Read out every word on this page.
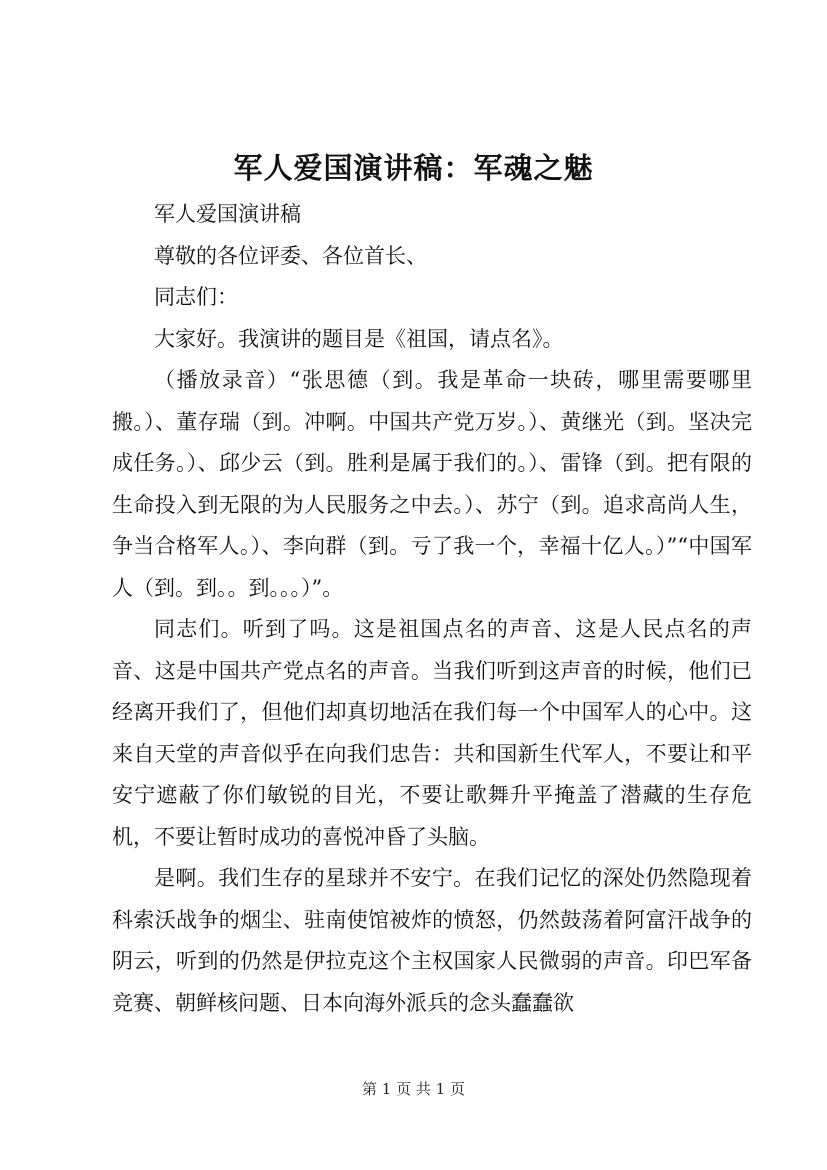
军人爱国演讲稿：军魂之魅

军人爱国演讲稿

尊敬的各位评委、各位首长、

同志们：

大家好。我演讲的题目是《祖国，请点名》。

（播放录音）“张思德（到。我是革命一块砖，哪里需要哪里搬。）、董存瑞（到。冲啊。中国共产党万岁。）、黄继光（到。坚决完成任务。）、邱少云（到。胜利是属于我们的。）、雷锋（到。把有限的生命投入到无限的为人民服务之中去。）、苏宁（到。追求高尚人生，争当合格军人。）、李向群（到。亏了我一个，幸福十亿人。）”“中国军人（到。到。。到。。。）”。

同志们。听到了吗。这是祖国点名的声音、这是人民点名的声音、这是中国共产党点名的声音。当我们听到这声音的时候，他们已经离开我们了，但他们却真切地活在我们每一个中国军人的心中。这来自天堂的声音似乎在向我们忠告：共和国新生代军人，不要让和平安宁遮蔽了你们敏锐的目光，不要让歌舞升平掩盖了潜藏的生存危机，不要让暂时成功的喜悦冲昏了头脑。

是啊。我们生存的星球并不安宁。在我们记忆的深处仍然隐现着科索沃战争的烟尘、驻南使馆被炸的愤怒，仍然鼓荡着阿富汗战争的阴云，听到的仍然是伊拉克这个主权国家人民微弱的声音。印巴军备竞赛、朝鲜核问题、日本向海外派兵的念头蠢蠢欲

第 1 页 共 1 页
